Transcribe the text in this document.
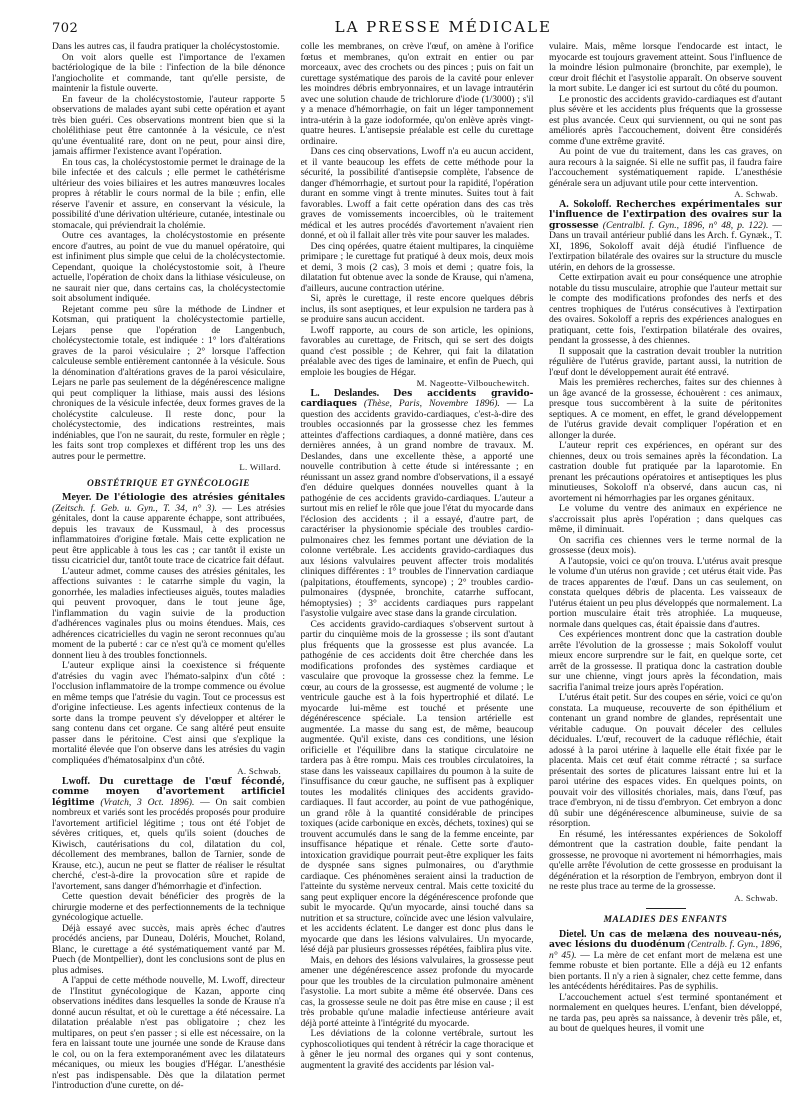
702	LA PRESSE MÉDICALE

Dans les autres cas, il faudra pratiquer la cholécystostomie.

On voit alors quelle est l'importance de l'examen bactériologique de la bile : l'infection de la bile dénonce l'angiocholite et commande, tant qu'elle persiste, de maintenir la fistule ouverte.

En faveur de la cholécystostomie, l'auteur rapporte 5 observations de malades ayant subi cette opération et ayant très bien guéri. Ces observations montrent bien que si la cholélithiase peut être cantonnée à la vésicule, ce n'est qu'une éventualité rare, dont on ne peut, pour ainsi dire, jamais affirmer l'existence avant l'opération.

En tous cas, la cholécystostomie permet le drainage de la bile infectée et des calculs ; elle permet le cathétérisme ultérieur des voies biliaires et les autres manœuvres locales propres à rétablir le cours normal de la bile ; enfin, elle réserve l'avenir et assure, en conservant la vésicule, la possibilité d'une dérivation ultérieure, cutanée, intestinale ou stomacale, qui préviendrait la cholémie.

Outre ces avantages, la cholécystostomie en présente encore d'autres, au point de vue du manuel opératoire, qui est infiniment plus simple que celui de la cholécystectomie. Cependant, quoique la cholécystostomie soit, à l'heure actuelle, l'opération de choix dans la lithiase vésiculeuse, on ne saurait nier que, dans certains cas, la cholécystectomie soit absolument indiquée.

Rejetant comme peu sûre la méthode de Lindner et Kotsman, qui pratiquent la cholécystectomie partielle, Lejars pense que l'opération de Langenbuch, cholécystectomie totale, est indiquée : 1° lors d'altérations graves de la paroi vésiculaire ; 2° lorsque l'affection calculeuse semble entièrement cantonnée à la vésicule. Sous la dénomination d'altérations graves de la paroi vésiculaire, Lejars ne parle pas seulement de la dégénérescence maligne qui peut compliquer la lithiase, mais aussi des lésions chroniques de la vésicule infectée, deux formes graves de la cholécystite calculeuse. Il reste donc, pour la cholécystectomie, des indications restreintes, mais indéniables, que l'on ne saurait, du reste, formuler en règle ; les faits sont trop complexes et différent trop les uns des autres pour le permettre.

L. Willard.
OBSTÉTRIQUE ET GYNÉCOLOGIE

Meyer. De l'étiologie des atrésies génitales (Zeitsch. f. Geb. u. Gyn., T. 34, n° 3). — Les atrésies génitales, dont la cause apparente échappe, sont attribuées, depuis les travaux de Kussmaul, à des processus inflammatoires d'origine fœtale. Mais cette explication ne peut être applicable à tous les cas ; car tantôt il existe un tissu cicatriciel dur, tantôt toute trace de cicatrice fait défaut.

L'auteur admet, comme causes des atrésies génitales, les affections suivantes : le catarrhe simple du vagin, la gonorrhée, les maladies infectieuses aiguës, toutes maladies qui peuvent provoquer, dans le tout jeune âge, l'inflammation du vagin suivie de la production d'adhérences vaginales plus ou moins étendues. Mais, ces adhérences cicatricielles du vagin ne seront reconnues qu'au moment de la puberté : car ce n'est qu'à ce moment qu'elles donnent lieu à des troubles fonctionnels.

L'auteur explique ainsi la coexistence si fréquente d'atrésies du vagin avec l'hémato-salpinx d'un côté : l'occlusion inflammatoire de la trompe commence ou évolue en même temps que l'atrésie du vagin. Tout ce processus est d'origine infectieuse. Les agents infectieux contenus de la sorte dans la trompe peuvent s'y développer et altérer le sang contenu dans cet organe. Ce sang altéré peut ensuite passer dans le péritoine. C'est ainsi que s'explique la mortalité élevée que l'on observe dans les atrésies du vagin compliquées d'hématosalpinx d'un côté.

A. Schwab.

Lwoff. Du curettage de l'œuf fécondé, comme moyen d'avortement artificiel légitime (Vratch, 3 Oct. 1896). — On sait combien nombreux et variés sont les procédés proposés pour produire l'avortement artificiel légitime ; tous ont été l'objet de sévères critiques, et, quels qu'ils soient (douches de Kiwisch, cautérisations du col, dilatation du col, décollement des membranes, ballon de Tarnier, sonde de Krause, etc.), aucun ne peut se flatter de réaliser le résultat cherché, c'est-à-dire la provocation sûre et rapide de l'avortement, sans danger d'hémorrhagie et d'infection.

Cette question devait bénéficier des progrès de la chirurgie moderne et des perfectionnements de la technique gynécologique actuelle.

Déjà essayé avec succès, mais après échec d'autres procédés anciens, par Duneau, Doléris, Mouchet, Roland, Blanc, le curettage a été systématiquement vanté par M. Puech (de Montpellier), dont les conclusions sont de plus en plus admises.

A l'appui de cette méthode nouvelle, M. Lwoff, directeur de l'Institut gynécologique de Kazan, apporte cinq observations inédites dans lesquelles la sonde de Krause n'a donné aucun résultat, et où le curettage a été nécessaire. La dilatation préalable n'est pas obligatoire ; chez les multipares, on peut s'en passer ; si elle est nécessaire, on la fera en laissant toute une journée une sonde de Krause dans le col, ou on la fera extemporanément avec les dilatateurs mécaniques, ou mieux les bougies d'Hégar. L'anesthésie n'est pas indispensable. Dès que la dilatation permet l'introduction d'une curette, on dé-

colle les membranes, on crève l'œuf, on amène à l'orifice fœtus et membranes, qu'on extrait en entier ou par morceaux, avec des crochets ou des pinces ; puis on fait un curettage systématique des parois de la cavité pour enlever les moindres débris embryonnaires, et un lavage intrautérin avec une solution chaude de trichlorure d'iode (1/3000) ; s'il y a menace d'hémorrhagie, on fait un léger tamponnement intra-utérin à la gaze iodoformée, qu'on enlève après vingt-quatre heures. L'antisepsie préalable est celle du curettage ordinaire.

Dans ces cinq observations, Lwoff n'a eu aucun accident, et il vante beaucoup les effets de cette méthode pour la sécurité, la possibilité d'antisepsie complète, l'absence de danger d'hémorrhagie, et surtout pour la rapidité, l'opération durant en somme vingt à trente minutes. Suites tout à fait favorables. Lwoff a fait cette opération dans des cas très graves de vomissements incoercibles, où le traitement médical et les autres procédés d'avortement n'avaient rien donné, et où il fallait aller très vite pour sauver les malades.

Des cinq opérées, quatre étaient multipares, la cinquième primipare ; le curettage fut pratiqué à deux mois, deux mois et demi, 3 mois (2 cas), 3 mois et demi ; quatre fois, la dilatation fut obtenue avec la sonde de Krause, qui n'amena, d'ailleurs, aucune contraction utérine.

Si, après le curettage, il reste encore quelques débris inclus, ils sont aseptiques, et leur expulsion ne tardera pas à se produire sans aucun accident.

Lwoff rapporte, au cours de son article, les opinions, favorables au curettage, de Fritsch, qui se sert des doigts quand c'est possible ; de Kehrer, qui fait la dilatation préalable avec des tiges de laminaire, et enfin de Puech, qui emploie les bougies de Hégar.

M. Nageotte-Vilbouchewitch.

L. Deslandes. Des accidents gravido-cardiaques (Thèse, Paris, Novembre 1896). — La question des accidents gravido-cardiaques, c'est-à-dire des troubles occasionnés par la grossesse chez les femmes atteintes d'affections cardiaques, a donné matière, dans ces dernières années, à un grand nombre de travaux. M. Deslandes, dans une excellente thèse, a apporté une nouvelle contribution à cette étude si intéressante ; en réunissant un assez grand nombre d'observations, il a essayé d'en déduire quelques données nouvelles quant à la pathogénie de ces accidents gravido-cardiaques. L'auteur a surtout mis en relief le rôle que joue l'état du myocarde dans l'éclosion des accidents ; il a essayé, d'autre part, de caractériser la physionomie spéciale des troubles cardio-pulmonaires chez les femmes portant une déviation de la colonne vertébrale. Les accidents gravido-cardiaques dus aux lésions valvulaires peuvent affecter trois modalités cliniques différentes : 1° troubles de l'innervation cardiaque (palpitations, étouffements, syncope) ; 2° troubles cardio-pulmonaires (dyspnée, bronchite, catarrhe suffocant, hémoptysies) ; 3° accidents cardiaques purs rappelant l'asystolie vulgaire avec stase dans la grande circulation.

Ces accidents gravido-cardiaques s'observent surtout à partir du cinquième mois de la grossesse ; ils sont d'autant plus fréquents que la grossesse est plus avancée. La pathogénie de ces accidents doit être cherchée dans les modifications profondes des systèmes cardiaque et vasculaire que provoque la grossesse chez la femme. Le cœur, au cours de la grossesse, est augmenté de volume ; le ventricule gauche est à la fois hypertrophié et dilaté. Le myocarde lui-même est touché et présente une dégénérescence spéciale. La tension artérielle est augmentée. La masse du sang est, de même, beaucoup augmentée. Qu'il existe, dans ces conditions, une lésion orificielle et l'équilibre dans la statique circulatoire ne tardera pas à être rompu. Mais ces troubles circulatoires, la stase dans les vaisseaux capillaires du poumon à la suite de l'insuffisance du cœur gauche, ne suffisent pas à expliquer toutes les modalités cliniques des accidents gravido-cardiaques. Il faut accorder, au point de vue pathogénique, un grand rôle à la quantité considérable de principes toxiques (acide carbonique en excès, déchets, toxines) qui se trouvent accumulés dans le sang de la femme enceinte, par insuffisance hépatique et rénale. Cette sorte d'auto-intoxication gravidique pourrait peut-être expliquer les faits de dyspnée sans signes pulmonaires, ou d'arythmie cardiaque. Ces phénomènes seraient ainsi la traduction de l'atteinte du système nerveux central. Mais cette toxicité du sang peut expliquer encore la dégénérescence profonde que subit le myocarde. Qu'un myocarde, ainsi touché dans sa nutrition et sa structure, coïncide avec une lésion valvulaire, et les accidents éclatent. Le danger est donc plus dans le myocarde que dans les lésions valvulaires. Un myocarde, lésé déjà par plusieurs grossesses répétées, faiblira plus vite.

Mais, en dehors des lésions valvulaires, la grossesse peut amener une dégénérescence assez profonde du myocarde pour que les troubles de la circulation pulmonaire amènent l'asystolie. La mort subite a même été observée. Dans ces cas, la grossesse seule ne doit pas être mise en cause ; il est très probable qu'une maladie infectieuse antérieure avait déjà porté atteinte à l'intégrité du myocarde.

Les déviations de la colonne vertébrale, surtout les cyphoscoliotiques qui tendent à rétrécir la cage thoracique et à gêner le jeu normal des organes qui y sont contenus, augmentent la gravité des accidents par lésion val-

vulaire. Mais, même lorsque l'endocarde est intact, le myocarde est toujours gravement atteint. Sous l'influence de la moindre lésion pulmonaire (bronchite, par exemple), le cœur droit fléchit et l'asystolie apparaît. On observe souvent la mort subite. Le danger ici est surtout du côté du poumon.

Le pronostic des accidents gravido-cardiaques est d'autant plus sévère et les accidents plus fréquents que la grossesse est plus avancée. Ceux qui surviennent, ou qui ne sont pas améliorés après l'accouchement, doivent être considérés comme d'une extrême gravité.

Au point de vue du traitement, dans les cas graves, on aura recours à la saignée. Si elle ne suffit pas, il faudra faire l'accouchement systématiquement rapide. L'anesthésie générale sera un adjuvant utile pour cette intervention.

A. Schwab.

A. Sokoloff. Recherches expérimentales sur l'influence de l'extirpation des ovaires sur la grossesse (Centralbl. f. Gyn., 1896, n° 48, p. 122). — Dans un travail antérieur publié dans les Arch. f. Gynæk., T. XI, 1896, Sokoloff avait déjà étudié l'influence de l'extirpation bilatérale des ovaires sur la structure du muscle utérin, en dehors de la grossesse.

Cette extirpation avait eu pour conséquence une atrophie notable du tissu musculaire, atrophie que l'auteur mettait sur le compte des modifications profondes des nerfs et des centres trophiques de l'utérus consécutives à l'extirpation des ovaires. Sokoloff a repris des expériences analogues en pratiquant, cette fois, l'extirpation bilatérale des ovaires, pendant la grossesse, à des chiennes.

Il supposait que la castration devait troubler la nutrition régulière de l'utérus gravide, partant aussi, la nutrition de l'œuf dont le développement aurait été entravé.

Mais les premières recherches, faites sur des chiennes à un âge avancé de la grossesse, échouèrent : ces animaux, presque tous succombèrent à la suite de péritonites septiques. A ce moment, en effet, le grand développement de l'utérus gravide devait compliquer l'opération et en allonger la durée.

L'auteur reprit ces expériences, en opérant sur des chiennes, deux ou trois semaines après la fécondation. La castration double fut pratiquée par la laparotomie. En prenant les précautions opératoires et antiseptiques les plus minutieuses, Sokoloff n'a observé, dans aucun cas, ni avortement ni hémorrhagies par les organes génitaux.

Le volume du ventre des animaux en expérience ne s'accroissait plus après l'opération ; dans quelques cas même, il diminuait.

On sacrifia ces chiennes vers le terme normal de la grossesse (deux mois).

A l'autopsie, voici ce qu'on trouva. L'utérus avait presque le volume d'un utérus non gravide ; cet utérus était vide. Pas de traces apparentes de l'œuf. Dans un cas seulement, on constata quelques débris de placenta. Les vaisseaux de l'utérus étaient un peu plus développés que normalement. La portion musculaire était très atrophiée. La muqueuse, normale dans quelques cas, était épaissie dans d'autres.

Ces expériences montrent donc que la castration double arrête l'évolution de la grossesse ; mais Sokoloff voulut mieux encore surprendre sur le fait, en quelque sorte, cet arrêt de la grossesse. Il pratiqua donc la castration double sur une chienne, vingt jours après la fécondation, mais sacrifia l'animal treize jours après l'opération.

L'utérus était petit. Sur des coupes en série, voici ce qu'on constata. La muqueuse, recouverte de son épithélium et contenant un grand nombre de glandes, représentait une véritable caduque. On pouvait déceler des cellules déciduales. L'œuf, recouvert de la caduque réfléchie, était adossé à la paroi utérine à laquelle elle était fixée par le placenta. Mais cet œuf était comme rétracté ; sa surface présentait des sortes de plicatures laissant entre lui et la paroi utérine des espaces vides. En quelques points, on pouvait voir des villosités choriales, mais, dans l'œuf, pas trace d'embryon, ni de tissu d'embryon. Cet embryon a donc dû subir une dégénérescence albumineuse, suivie de sa résorption.

En résumé, les intéressantes expériences de Sokoloff démontrent que la castration double, faite pendant la grossesse, ne provoque ni avortement ni hémorrhagies, mais qu'elle arrête l'évolution de cette grossesse en produisant la dégénération et la résorption de l'embryon, embryon dont il ne reste plus trace au terme de la grossesse.

A. Schwab.
MALADIES DES ENFANTS

Dietel. Un cas de melæna des nouveau-nés, avec lésions du duodénum (Centralb. f. Gyn., 1896, n° 45). — La mère de cet enfant mort de melæna est une femme robuste et bien portante. Elle a déjà eu 12 enfants bien portants. Il n'y a rien à signaler, chez cette femme, dans les antécédents héréditaires. Pas de syphilis.

L'accouchement actuel s'est terminé spontanément et normalement en quelques heures. L'enfant, bien développé, ne tarda pas, peu après sa naissance, à devenir très pâle, et, au bout de quelques heures, il vomit une
